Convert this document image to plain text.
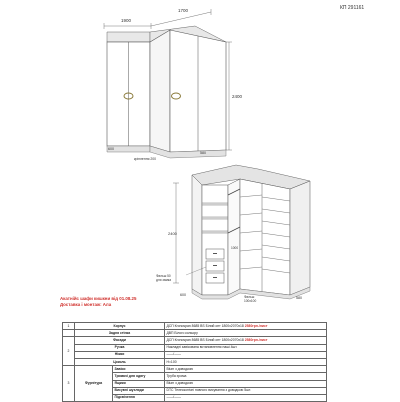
КП 291161
1900
1700
2400
600
580
кріплення 200
2400
1000
Фальш 50
для замка
600
580
Фальш
100х100
Акатнійс шафи кишкни від 01.08.25
Доставка і монтаж: Ала
1	Корпус		ДСП Кronospan 8685 BS Білий онт 1800х2070х18 2580грн./лист
	Задня стінка		ДВП Білого кольору
2	Фасади		ДСП Кronospan 8685 BS Білий онт 1800х2070х18 2580грн./лист
	Ручка		Накладні завісована встановлення наші 4шт.
	Ніжки		——/——
	Цоколь		Н=100
3	Фурнітура	Завіси	Blum з доводкою
		Тримачі для одягу	Труба хрома
		Ящики	Blum з доводкою
		Висувні шухляди	DTC Телескопічні повного висування з доводкою 5шт.
		Підсвічення	——/——
